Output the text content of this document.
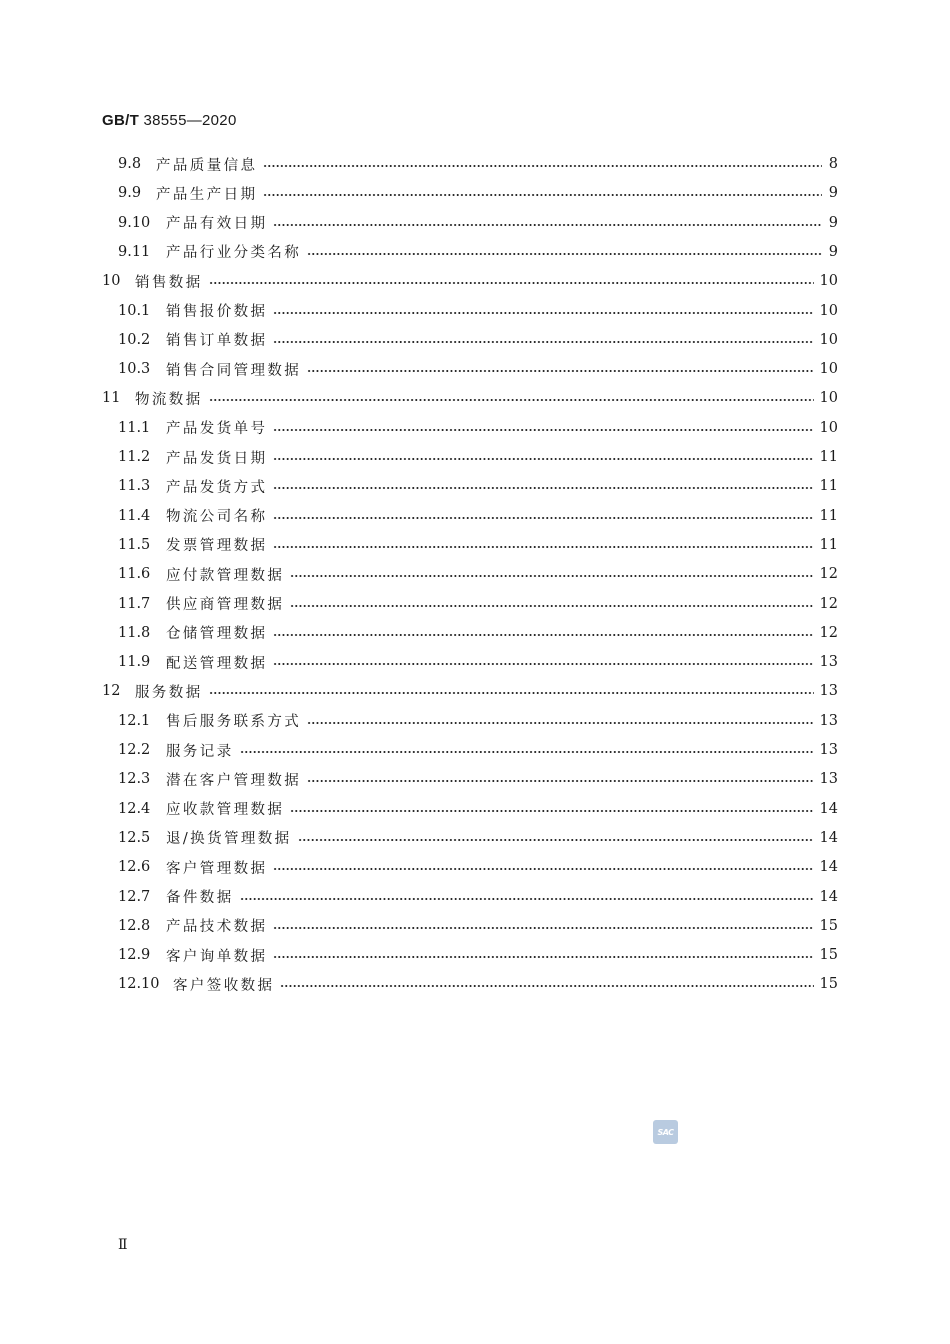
GB/T 38555—2020
9.8	产品质量信息	8
9.9	产品生产日期	9
9.10	产品有效日期	9
9.11	产品行业分类名称	9
10	销售数据	10
10.1	销售报价数据	10
10.2	销售订单数据	10
10.3	销售合同管理数据	10
11	物流数据	10
11.1	产品发货单号	10
11.2	产品发货日期	11
11.3	产品发货方式	11
11.4	物流公司名称	11
11.5	发票管理数据	11
11.6	应付款管理数据	12
11.7	供应商管理数据	12
11.8	仓储管理数据	12
11.9	配送管理数据	13
12	服务数据	13
12.1	售后服务联系方式	13
12.2	服务记录	13
12.3	潜在客户管理数据	13
12.4	应收款管理数据	14
12.5	退/换货管理数据	14
12.6	客户管理数据	14
12.7	备件数据	14
12.8	产品技术数据	15
12.9	客户询单数据	15
12.10 客户签收数据	15
SAC
Ⅱ
